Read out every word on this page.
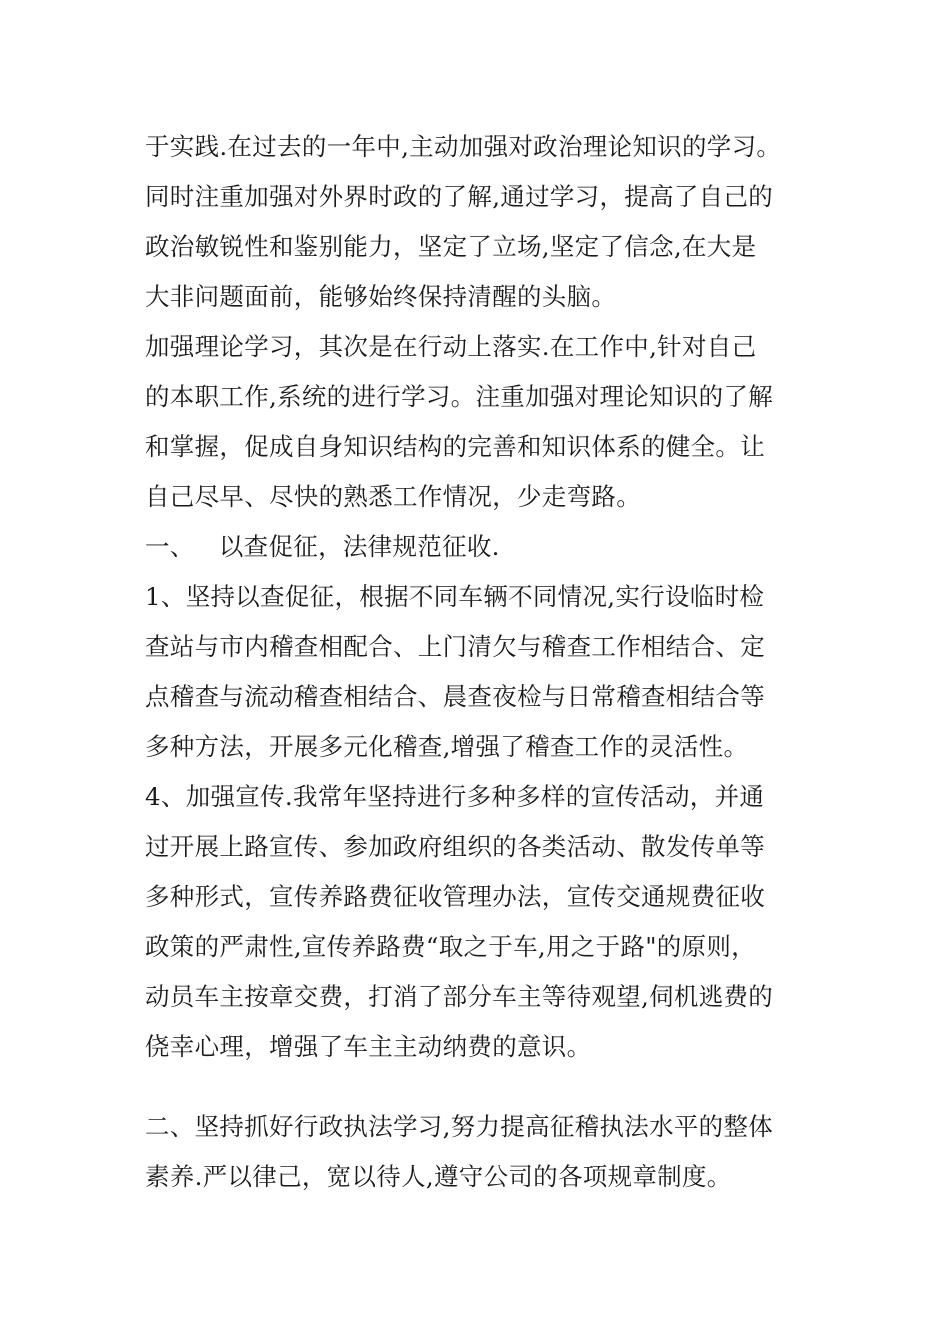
于实践.在过去的一年中,主动加强对政治理论知识的学习。
同时注重加强对外界时政的了解,通过学习，提高了自己的
政治敏锐性和鉴别能力，坚定了立场,坚定了信念,在大是
大非问题面前，能够始终保持清醒的头脑。
加强理论学习，其次是在行动上落实.在工作中,针对自己
的本职工作,系统的进行学习。注重加强对理论知识的了解
和掌握，促成自身知识结构的完善和知识体系的健全。让
自己尽早、尽快的熟悉工作情况，少走弯路。
一、   以查促征，法律规范征收.
1、坚持以查促征，根据不同车辆不同情况,实行设临时检
查站与市内稽查相配合、上门清欠与稽查工作相结合、定
点稽查与流动稽查相结合、晨查夜检与日常稽查相结合等
多种方法，开展多元化稽查,增强了稽查工作的灵活性。
4、加强宣传.我常年坚持进行多种多样的宣传活动，并通
过开展上路宣传、参加政府组织的各类活动、散发传单等
多种形式，宣传养路费征收管理办法，宣传交通规费征收
政策的严肃性,宣传养路费“取之于车,用之于路"的原则，
动员车主按章交费，打消了部分车主等待观望,伺机逃费的
侥幸心理，增强了车主主动纳费的意识。
二、坚持抓好行政执法学习,努力提高征稽执法水平的整体
素养.严以律己，宽以待人,遵守公司的各项规章制度。
